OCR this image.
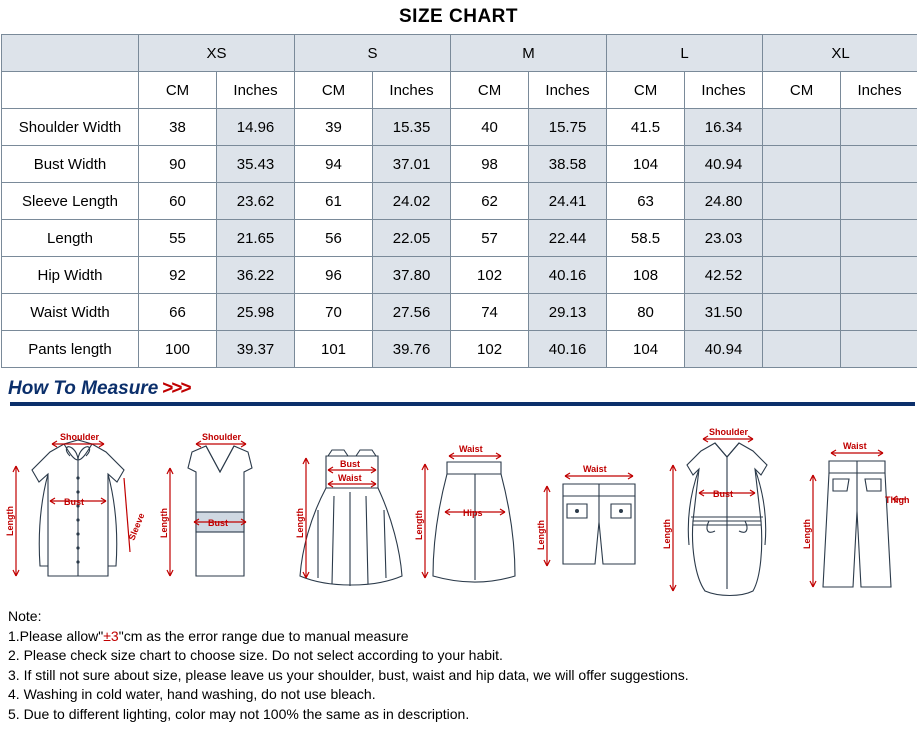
SIZE CHART
	XS		S		M		L		XL	
	CM	Inches	CM	Inches	CM	Inches	CM	Inches	CM	Inches
Shoulder Width	38	14.96	39	15.35	40	15.75	41.5	16.34		
Bust Width	90	35.43	94	37.01	98	38.58	104	40.94		
Sleeve Length	60	23.62	61	24.02	62	24.41	63	24.80		
Length	55	21.65	56	22.05	57	22.44	58.5	23.03		
Hip Width	92	36.22	96	37.80	102	40.16	108	42.52		
Waist Width	66	25.98	70	27.56	74	29.13	80	31.50		
Pants length	100	39.37	101	39.76	102	40.16	104	40.94		
How To Measure >>>
Shoulder
Bust
Length	Sleeve
Shoulder
Bust
Length
Bust
Waist
Length
Waist
Hips
Length
Waist
Length
Shoulder
Bust
Length
Waist
Thigh
Length
Note:
1.Please allow"±3"cm as the error range due to manual measure
2. Please check size chart to choose size. Do not select according to your habit.
3. If still not sure about size, please leave us your shoulder, bust, waist and hip data, we will offer suggestions.
4. Washing in cold water, hand washing, do not use bleach.
5. Due to different lighting, color may not 100% the same as in description.
